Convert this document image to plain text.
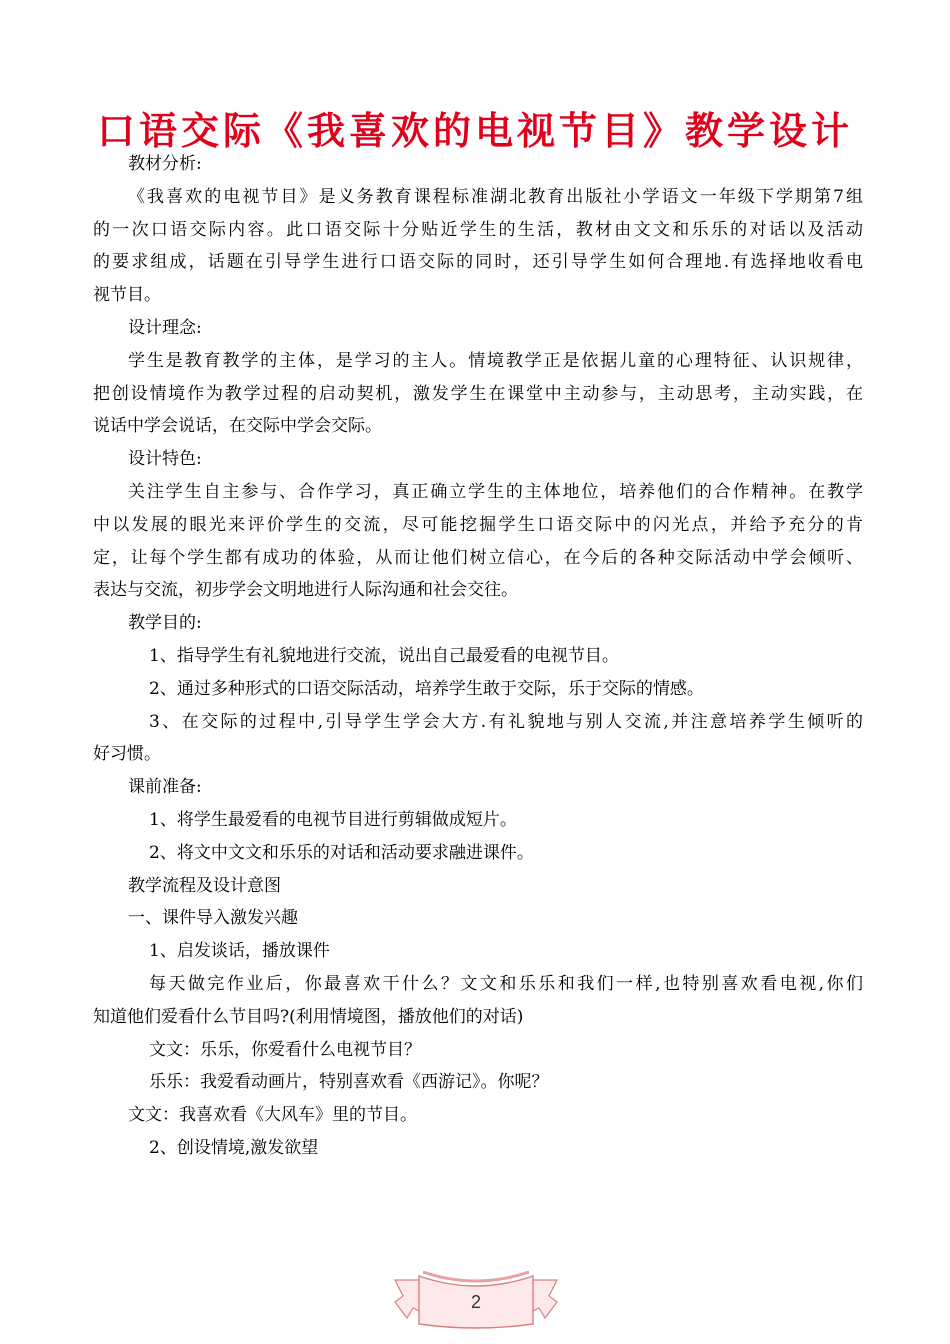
口语交际《我喜欢的电视节目》教学设计

教材分析:

《我喜欢的电视节目》是义务教育课程标准湖北教育出版社小学语文一年级下学期第7组

的一次口语交际内容。此口语交际十分贴近学生的生活，教材由文文和乐乐的对话以及活动

的要求组成，话题在引导学生进行口语交际的同时，还引导学生如何合理地.有选择地收看电

视节目。

设计理念:

学生是教育教学的主体，是学习的主人。情境教学正是依据儿童的心理特征、认识规律，

把创设情境作为教学过程的启动契机，激发学生在课堂中主动参与，主动思考，主动实践，在

说话中学会说话，在交际中学会交际。

设计特色:

关注学生自主参与、合作学习，真正确立学生的主体地位，培养他们的合作精神。在教学

中以发展的眼光来评价学生的交流，尽可能挖掘学生口语交际中的闪光点，并给予充分的肯

定，让每个学生都有成功的体验，从而让他们树立信心，在今后的各种交际活动中学会倾听、

表达与交流，初步学会文明地进行人际沟通和社会交往。

教学目的:

1、指导学生有礼貌地进行交流，说出自己最爱看的电视节目。

2、通过多种形式的口语交际活动，培养学生敢于交际，乐于交际的情感。

3、在交际的过程中,引导学生学会大方.有礼貌地与别人交流,并注意培养学生倾听的

好习惯。

课前准备:

1、将学生最爱看的电视节目进行剪辑做成短片。

2、将文中文文和乐乐的对话和活动要求融进课件。

教学流程及设计意图

一、课件导入激发兴趣

1、启发谈话，播放课件

每天做完作业后，你最喜欢干什么？文文和乐乐和我们一样,也特别喜欢看电视,你们

知道他们爱看什么节目吗?(利用情境图，播放他们的对话)

文文：乐乐，你爱看什么电视节目？

乐乐：我爱看动画片，特别喜欢看《西游记》。你呢？

文文：我喜欢看《大风车》里的节目。

2、创设情境,激发欲望

2
